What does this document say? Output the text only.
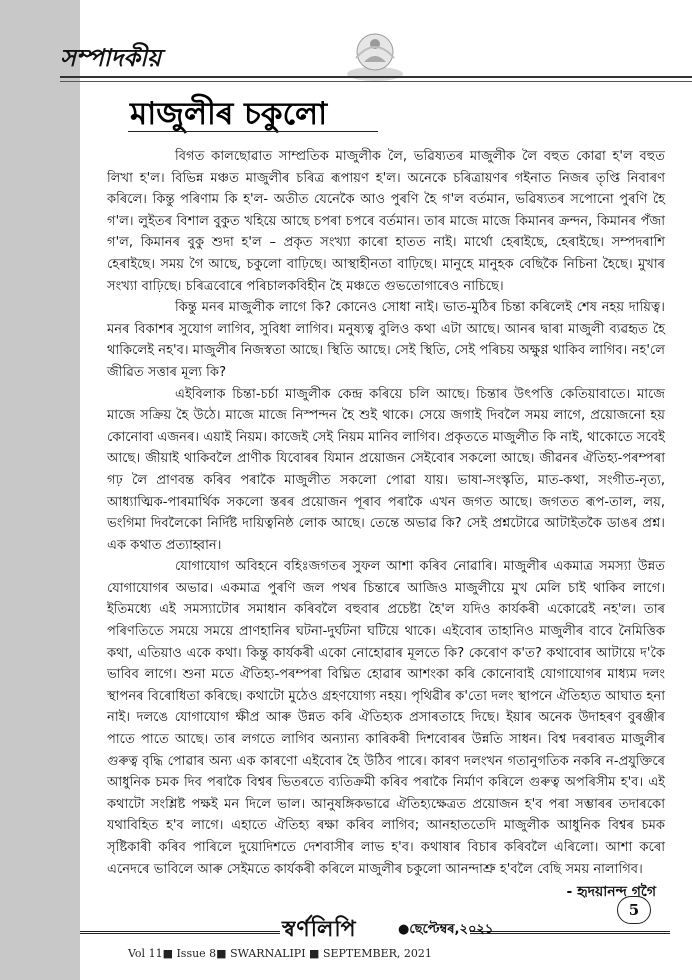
সম্পাদকীয়
মাজুলীৰ চকুলো

বিগত কালছোৱাত সাম্প্ৰতিক মাজুলীক লৈ, ভৱিষ্যতৰ মাজুলীক লৈ বহুত কোৱা হ'ল বহুত লিখা হ'ল। বিভিন্ন মঞ্চত মাজুলীৰ চৰিত্ৰ ৰূপায়ণ হ'ল। অনেকে চৰিত্ৰায়ণৰ গইনাত নিজৰ তৃপ্তি নিবাৰণ কৰিলে। কিন্তু পৰিণাম কি হ'ল- অতীত যেনেকৈ আও পুৰণি হৈ গ'ল বৰ্তমান, ভৱিষ্যতৰ সপোনো পুৰণি হৈ গ'ল। লুইতৰ বিশাল বুকুত খহিয়ে আছে চপৰা চপৰে বৰ্তমান। তাৰ মাজে মাজে কিমানৰ ক্ৰন্দন, কিমানৰ পঁজা গ'ল, কিমানৰ বুকু শুদা হ'ল – প্ৰকৃত সংখ্যা কাৰো হাতত নাই। মাৰ্থো হেৰাইছে, হেৰাইছে। সম্পদৰাশি হেৰাইছে। সময় গৈ আছে, চকুলো বাঢ়িছে। আস্থাহীনতা বাঢ়িছে। মানুহে মানুহক বেছিকৈ নিচিনা হৈছে। মুখাৰ সংখ্যা বাঢ়িছে। চৰিত্ৰবোৰে পৰিচালকবিহীন হৈ মঞ্চতে গুভতোগাৰেও নাচিছে।

কিন্তু মনৰ মাজুলীক লাগে কি? কোনেও সোধা নাই। ভাত-মুঠিৰ চিন্তা কৰিলেই শেষ নহয় দায়িত্ব। মনৰ বিকাশৰ সুযোগ লাগিব, সুবিধা লাগিব। মনুষ্যত্ব বুলিও কথা এটা আছে। আনৰ দ্বাৰা মাজুলী ব্যৱহৃত হৈ থাকিলেই নহ'ব। মাজুলীৰ নিজস্বতা আছে। স্থিতি আছে। সেই স্থিতি, সেই পৰিচয় অক্ষুণ্ণ থাকিব লাগিব। নহ'লে জীৱিত সত্তাৰ মূল্য কি?

এইবিলাক চিন্তা-চৰ্চা মাজুলীক কেন্দ্ৰ কৰিয়ে চলি আছে। চিন্তাৰ উৎপত্তি কেতিয়াবাতে। মাজে মাজে সক্ৰিয় হৈ উঠে। মাজে মাজে নিস্পন্দন হৈ শুই থাকে। সেয়ে জগাই দিবলৈ সময় লাগে, প্ৰয়োজনো হয় কোনোবা এজনৰ। এয়াই নিয়ম। কাজেই সেই নিয়ম মানিব লাগিব। প্ৰকৃততে মাজুলীত কি নাই, থাকোতে সবেই আছে। জীয়াই থাকিবলৈ প্ৰাণীক যিবোৰৰ যিমান প্ৰয়োজন সেইবোৰ সকলো আছে। জীৱনৰ ঐতিহ্য-পৰম্পৰা গঢ় লৈ প্ৰাণবন্ত কৰিব পৰাকৈ মাজুলীত সকলো পোৱা যায়। ভাষা-সংস্কৃতি, মাত-কথা, সংগীত-নৃত্য, আধ্যাত্মিক-পাৰমাৰ্থিক সকলো স্তৰৰ প্ৰয়োজন পূৰাব পৰাকৈ এখন জগত আছে। জগতত ৰূপ-তাল, লয়, ভংগিমা দিবলৈকো নিৰ্দিষ্ট দায়িত্বনিষ্ঠ লোক আছে। তেন্তে অভাৱ কি? সেই প্ৰশ্নটোৱে আটাইতকৈ ডাঙৰ প্ৰশ্ন। এক কথাত প্ৰত্যাহ্বান।

যোগাযোগ অবিহনে বহিঃজগতৰ সুফল আশা কৰিব নোৱাৰি। মাজুলীৰ একমাত্ৰ সমস্যা উন্নত যোগাযোগৰ অভাৱ। একমাত্ৰ পুৰণি জল পথৰ চিন্তাৰে আজিও মাজুলীয়ে মুখ মেলি চাই থাকিব লাগে। ইতিমধ্যে এই সমস্যাটোৰ সমাধান কৰিবলৈ বহুবাৰ প্ৰচেষ্টা হৈ'ল যদিও কাৰ্যকৰী একোৱেই নহ'ল। তাৰ পৰিণতিতে সময়ে সময়ে প্ৰাণহানিৰ ঘটনা-দুৰ্ঘটনা ঘটিয়ে থাকে। এইবোৰ তাহানিও মাজুলীৰ বাবে নৈমিত্তিক কথা, এতিয়াও একে কথা। কিন্তু কাৰ্যকৰী একো নোহোৱাৰ মূলতে কি? কেৰোণ ক'ত? কথাবোৰ আটায়ে দ'কৈ ভাবিব লাগে। শুনা মতে ঐতিহ্য-পৰম্পৰা বিঘ্নিত হোৱাৰ আশংকা কৰি কোনোবাই যোগাযোগৰ মাধ্যম দলং স্থাপনৰ বিৰোধিতা কৰিছে। কথাটো মুঠেও গ্ৰহণযোগ্য নহয়। পৃথিৱীৰ ক'তো দলং স্থাপনে ঐতিহ্যত আঘাত হনা নাই। দলঙে যোগাযোগ ক্ষীপ্ৰ আৰু উন্নত কৰি ঐতিহ্যক প্ৰসাৰতাহে দিছে। ইয়াৰ অনেক উদাহৰণ বুৰঞ্জীৰ পাতে পাতে আছে। তাৰ লগতে লাগিব অন্যান্য কাৰিকৰী দিশবোৰৰ উন্নতি সাধন। বিশ্ব দৰবাৰত মাজুলীৰ গুৰুত্ব বৃদ্ধি পোৱাৰ অন্য এক কাৰণো এইবোৰ হৈ উঠিব পাৰে। কাৰণ দলংখন গতানুগতিক নকৰি ন-প্ৰযুক্তিৰে আধুনিক চমক দিব পৰাকৈ বিশ্বৰ ভিতৰতে ব্যতিক্ৰমী কৰিব পৰাকৈ নিৰ্মাণ কৰিলে গুৰুত্ব অপৰিসীম হ'ব। এই কথাটো সংশ্লিষ্ট পক্ষই মন দিলে ভাল। আনুষঙ্গিকভাৱে ঐতিহ্যক্ষেত্ৰত প্ৰয়োজন হ'ব পৰা সম্ভাৰৰ তদাৰকো যথাবিহিত হ'ব লাগে। এহাতে ঐতিহ্য ৰক্ষা কৰিব লাগিব; আনহাততেদি মাজুলীক আধুনিক বিশ্বৰ চমক সৃষ্টিকাৰী কৰিব পাৰিলে দুয়োদিশতে দেশবাসীৰ লাভ হ'ব। কথাষাৰ বিচাৰ কৰিবলৈ এৰিলো। আশা কৰো এনেদৰে ভাবিলে আৰু সেইমতে কাৰ্যকৰী কৰিলে মাজুলীৰ চকুলো আনন্দাশ্ৰু হ'বলৈ বেছি সময় নালাগিব।

- হৃদয়ানন্দ গগৈ
স্বৰ্ণলিপি	●ছেপ্টেম্বৰ,২০২১
Vol 11■ Issue 8■ SWARNALIPI ■ SEPTEMBER, 2021
5
